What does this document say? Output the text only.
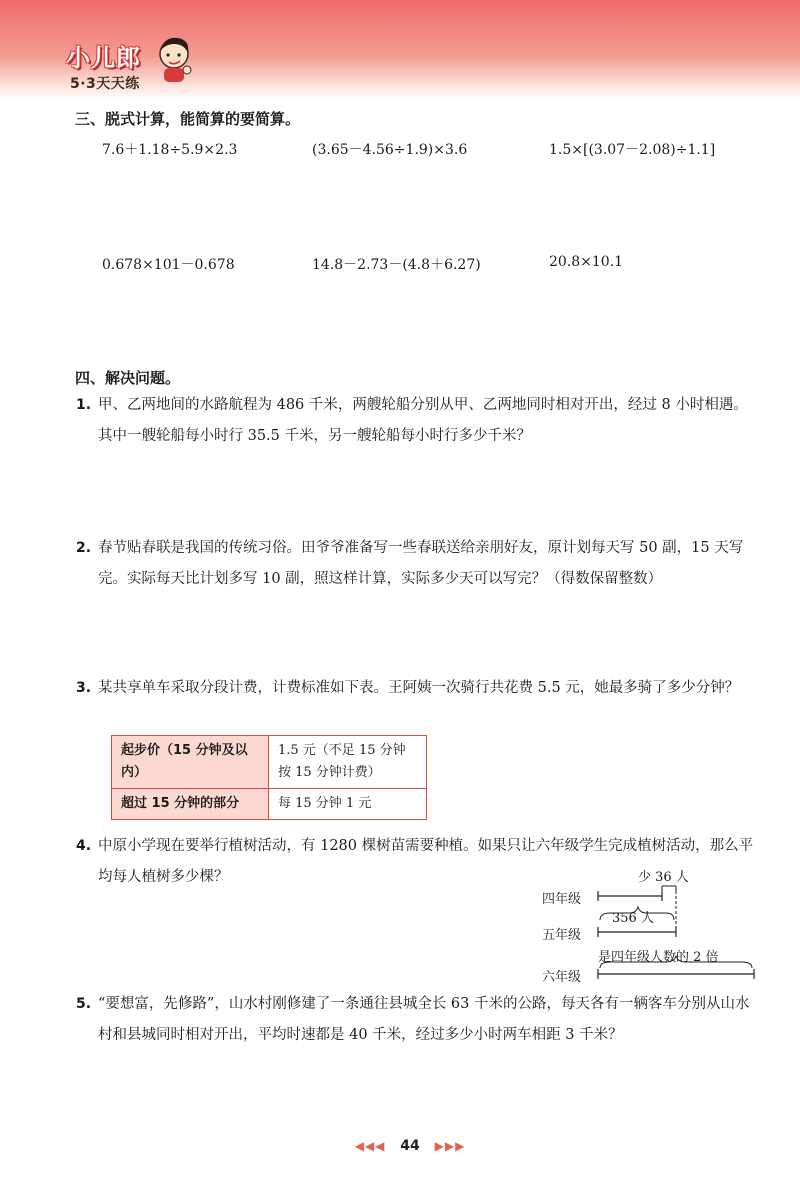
小儿郎
5·3天天练
三、脱式计算，能简算的要简算。
7.6＋1.18÷5.9×2.3	(3.65－4.56÷1.9)×3.6	1.5×[(3.07－2.08)÷1.1]
0.678×101－0.678	14.8－2.73－(4.8＋6.27)	20.8×10.1
四、解决问题。
1. 甲、乙两地间的水路航程为 486 千米，两艘轮船分别从甲、乙两地同时相对开出，经过 8 小时相遇。其中一艘轮船每小时行 35.5 千米，另一艘轮船每小时行多少千米？
2. 春节贴春联是我国的传统习俗。田爷爷准备写一些春联送给亲朋好友，原计划每天写 50 副，15 天写完。实际每天比计划多写 10 副，照这样计算，实际多少天可以写完？（得数保留整数）
3. 某共享单车采取分段计费，计费标准如下表。王阿姨一次骑行共花费 5.5 元，她最多骑了多少分钟？
起步价（15 分钟及以内）	1.5 元（不足 15 分钟按 15 分钟计费）
超过 15 分钟的部分	每 15 分钟 1 元
4. 中原小学现在要举行植树活动，有 1280 棵树苗需要种植。如果只让六年级学生完成植树活动，那么平均每人植树多少棵？	少 36 人
四年级
356 人
五年级
是四年级人数的 2 倍
六年级
5. “要想富，先修路”，山水村刚修建了一条通往县城全长 63 千米的公路，每天各有一辆客车分别从山水村和县城同时相对开出，平均时速都是 40 千米，经过多少小时两车相距 3 千米？
◀◀◀ 44 ▶▶▶
